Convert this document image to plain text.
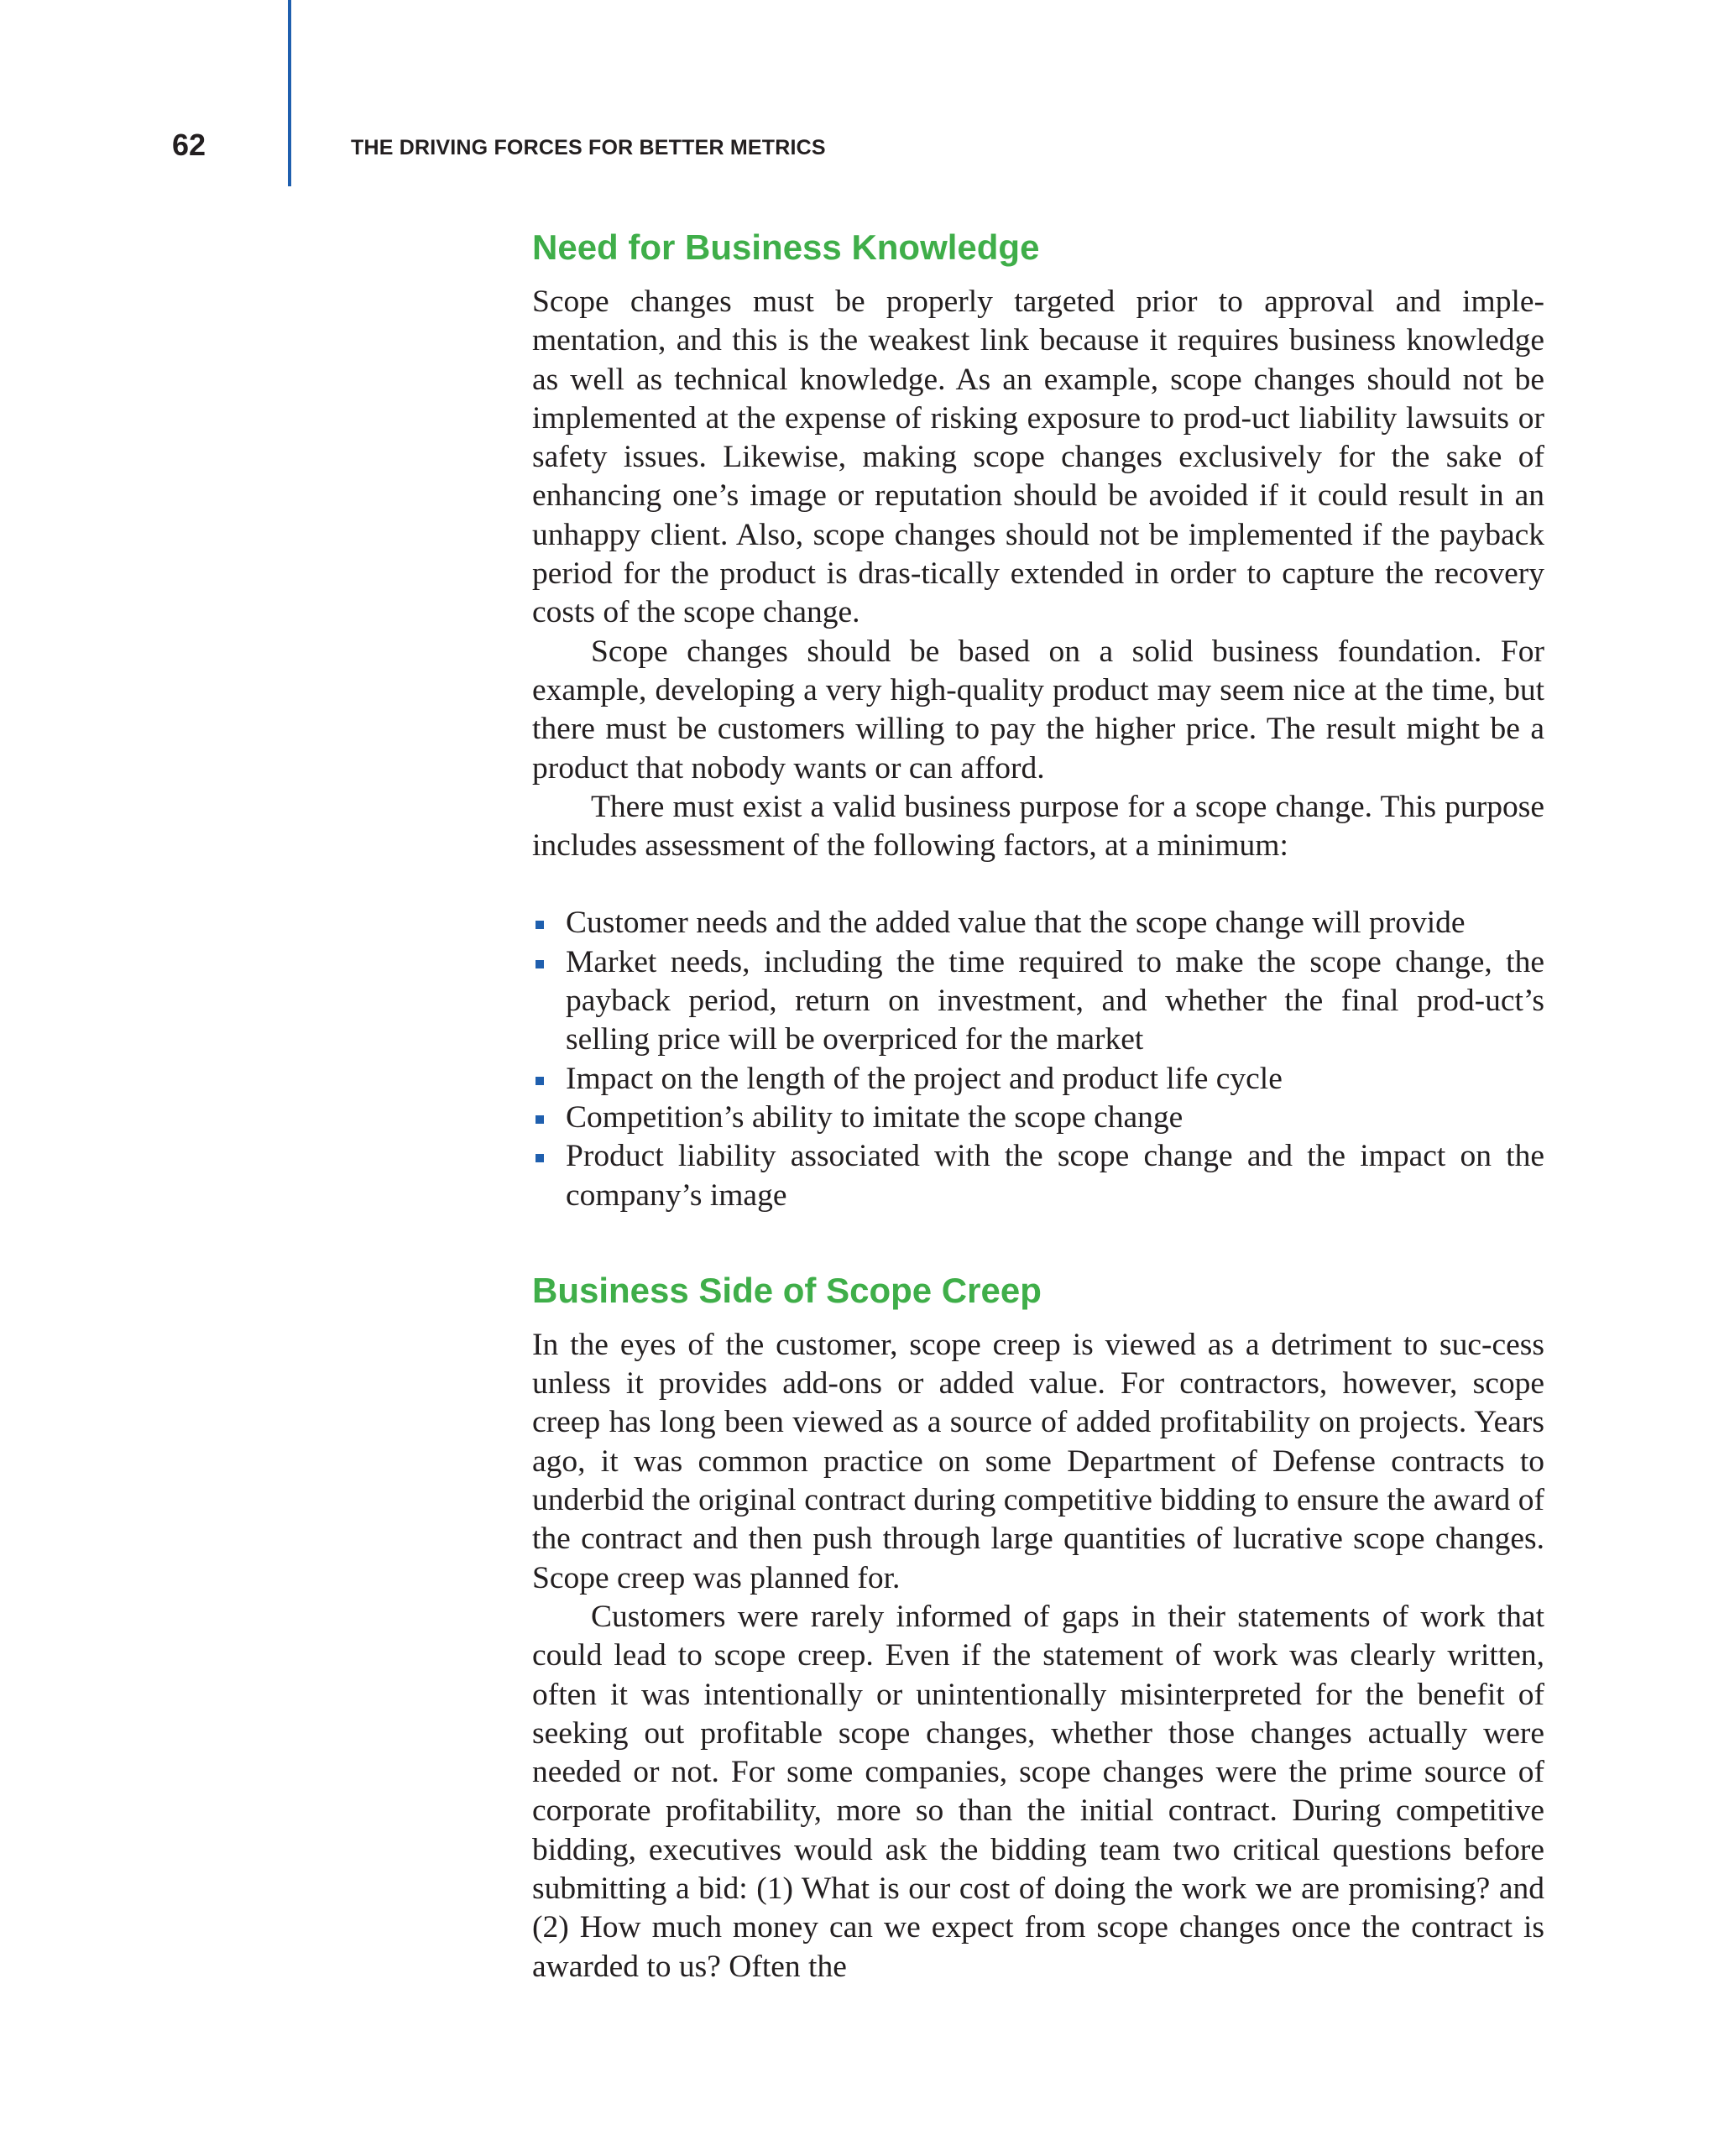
62	THE DRIVING FORCES FOR BETTER METRICS
Need for Business Knowledge

Scope changes must be properly targeted prior to approval and imple-mentation, and this is the weakest link because it requires business knowledge as well as technical knowledge. As an example, scope changes should not be implemented at the expense of risking exposure to prod-uct liability lawsuits or safety issues. Likewise, making scope changes exclusively for the sake of enhancing one’s image or reputation should be avoided if it could result in an unhappy client. Also, scope changes should not be implemented if the payback period for the product is dras-tically extended in order to capture the recovery costs of the scope change.

Scope changes should be based on a solid business foundation. For example, developing a very high-quality product may seem nice at the time, but there must be customers willing to pay the higher price. The result might be a product that nobody wants or can afford.

There must exist a valid business purpose for a scope change. This purpose includes assessment of the following factors, at a minimum:

Customer needs and the added value that the scope change will provide
Market needs, including the time required to make the scope change, the payback period, return on investment, and whether the final prod-uct’s selling price will be overpriced for the market
Impact on the length of the project and product life cycle
Competition’s ability to imitate the scope change
Product liability associated with the scope change and the impact on the company’s image
Business Side of Scope Creep

In the eyes of the customer, scope creep is viewed as a detriment to suc-cess unless it provides add-ons or added value. For contractors, however, scope creep has long been viewed as a source of added profitability on projects. Years ago, it was common practice on some Department of Defense contracts to underbid the original contract during competitive bidding to ensure the award of the contract and then push through large quantities of lucrative scope changes. Scope creep was planned for.

Customers were rarely informed of gaps in their statements of work that could lead to scope creep. Even if the statement of work was clearly written, often it was intentionally or unintentionally misinterpreted for the benefit of seeking out profitable scope changes, whether those changes actually were needed or not. For some companies, scope changes were the prime source of corporate profitability, more so than the initial contract. During competitive bidding, executives would ask the bidding team two critical questions before submitting a bid: (1) What is our cost of doing the work we are promising? and (2) How much money can we expect from scope changes once the contract is awarded to us? Often the
